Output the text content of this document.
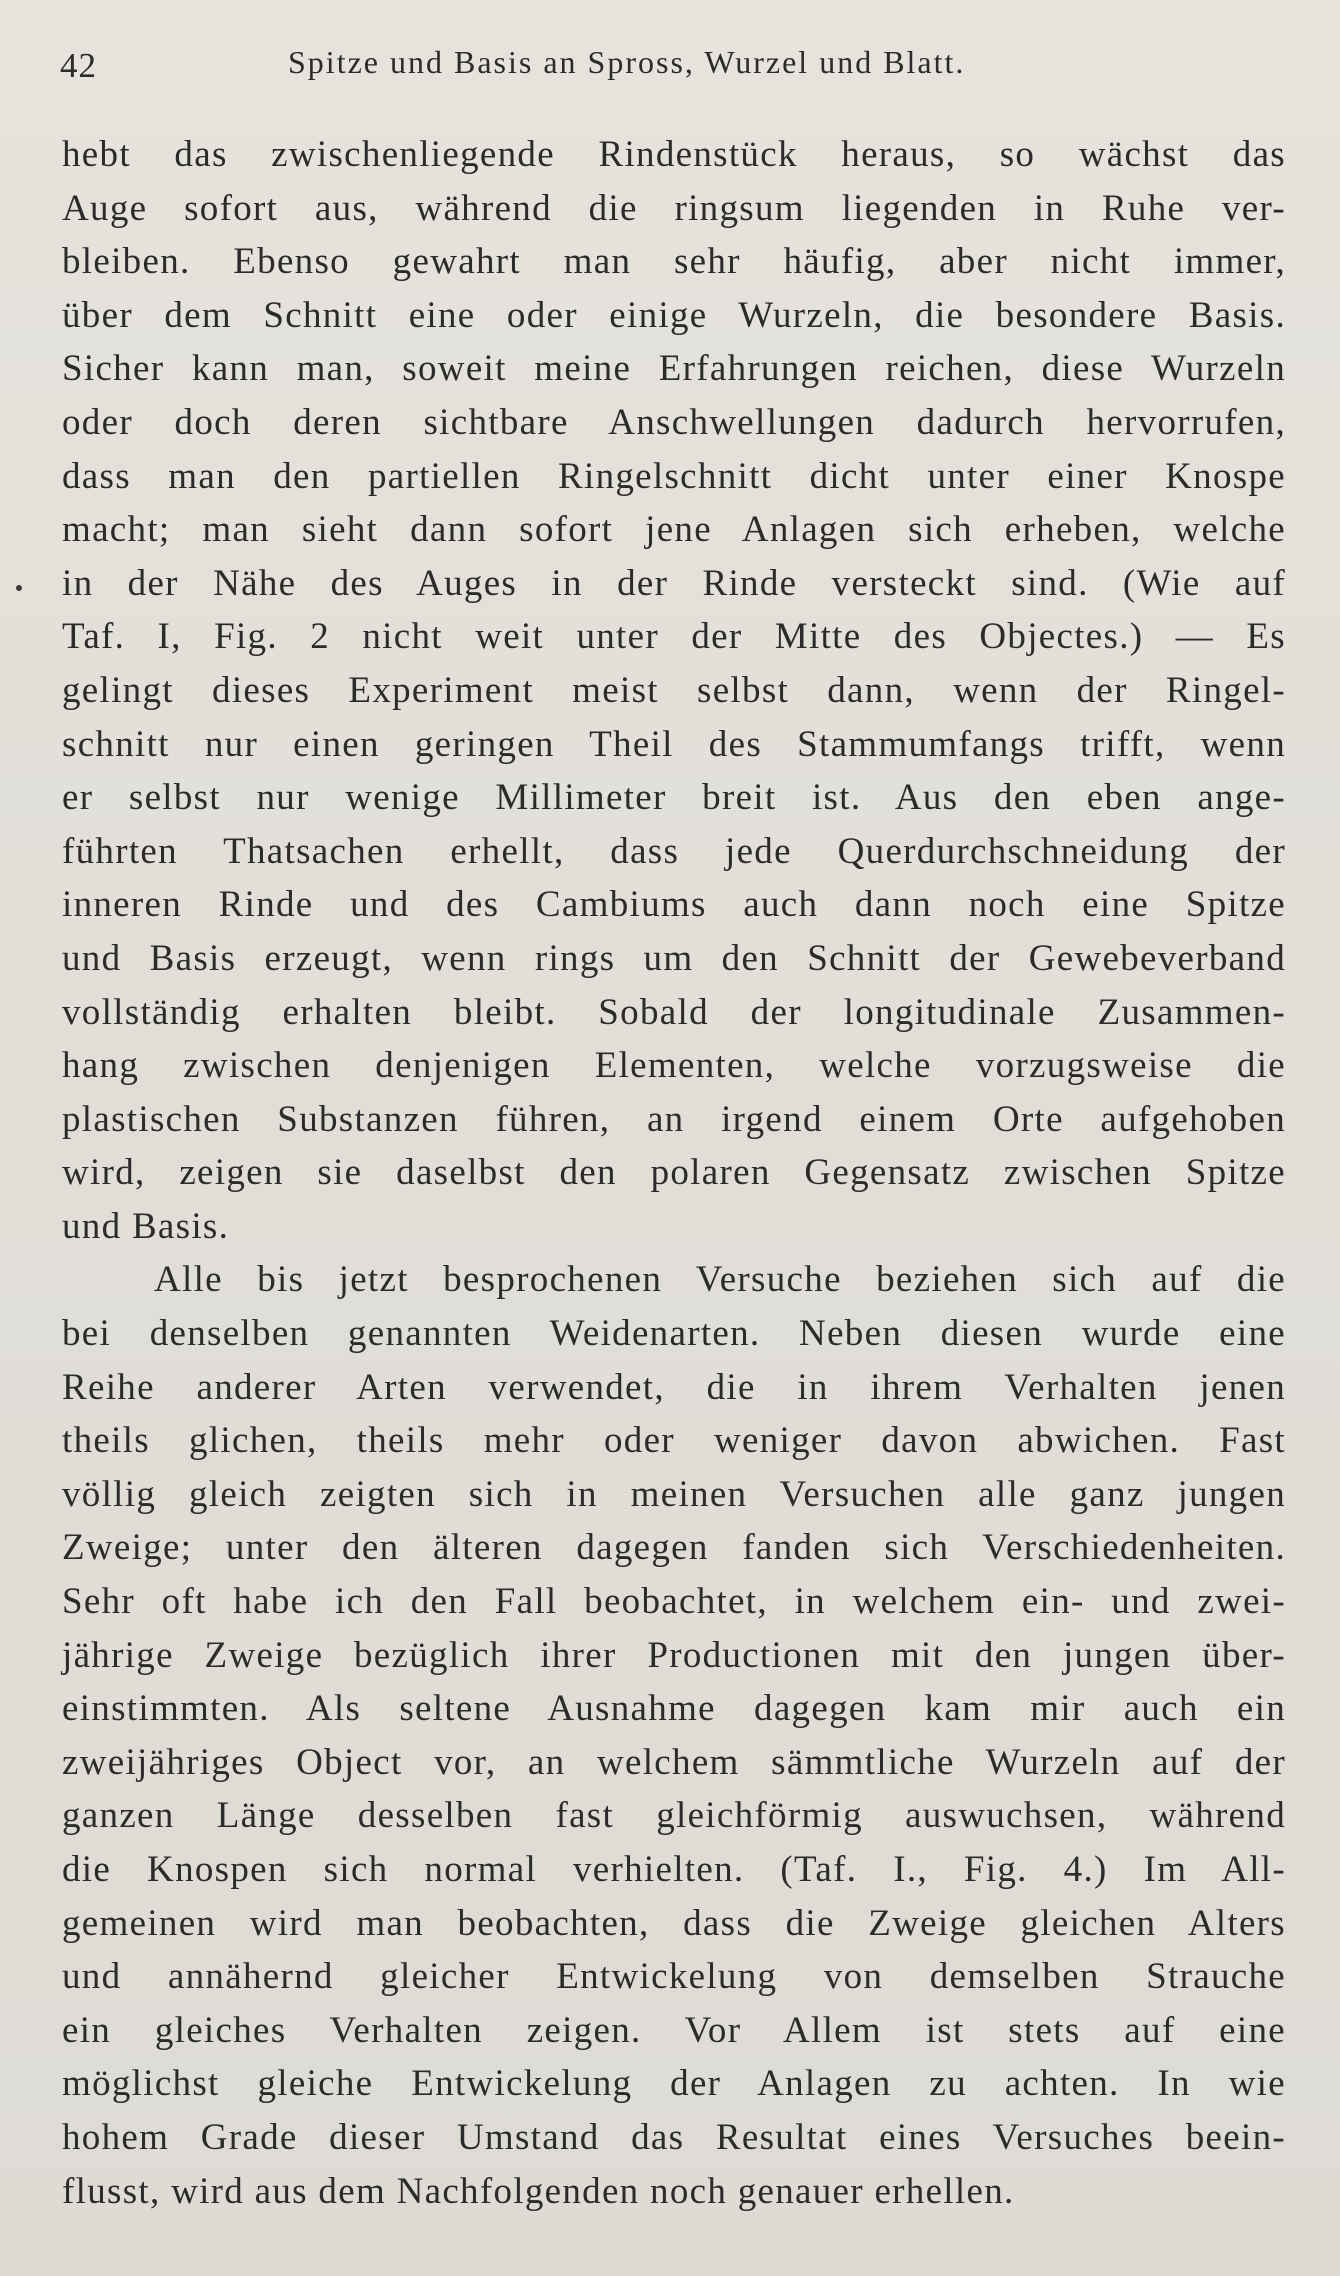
42	Spitze und Basis an Spross, Wurzel und Blatt.
hebt das zwischenliegende Rindenstück heraus, so wächst das
Auge sofort aus, während die ringsum liegenden in Ruhe ver-
bleiben. Ebenso gewahrt man sehr häufig, aber nicht immer,
über dem Schnitt eine oder einige Wurzeln, die besondere Basis.
Sicher kann man, soweit meine Erfahrungen reichen, diese Wurzeln
oder doch deren sichtbare Anschwellungen dadurch hervorrufen,
dass man den partiellen Ringelschnitt dicht unter einer Knospe
macht; man sieht dann sofort jene Anlagen sich erheben, welche
in der Nähe des Auges in der Rinde versteckt sind. (Wie auf
Taf. I, Fig. 2 nicht weit unter der Mitte des Objectes.) — Es
gelingt dieses Experiment meist selbst dann, wenn der Ringel-
schnitt nur einen geringen Theil des Stammumfangs trifft, wenn
er selbst nur wenige Millimeter breit ist. Aus den eben ange-
führten Thatsachen erhellt, dass jede Querdurchschneidung der
inneren Rinde und des Cambiums auch dann noch eine Spitze
und Basis erzeugt, wenn rings um den Schnitt der Gewebeverband
vollständig erhalten bleibt. Sobald der longitudinale Zusammen-
hang zwischen denjenigen Elementen, welche vorzugsweise die
plastischen Substanzen führen, an irgend einem Orte aufgehoben
wird, zeigen sie daselbst den polaren Gegensatz zwischen Spitze
und Basis.
Alle bis jetzt besprochenen Versuche beziehen sich auf die
bei denselben genannten Weidenarten. Neben diesen wurde eine
Reihe anderer Arten verwendet, die in ihrem Verhalten jenen
theils glichen, theils mehr oder weniger davon abwichen. Fast
völlig gleich zeigten sich in meinen Versuchen alle ganz jungen
Zweige; unter den älteren dagegen fanden sich Verschiedenheiten.
Sehr oft habe ich den Fall beobachtet, in welchem ein- und zwei-
jährige Zweige bezüglich ihrer Productionen mit den jungen über-
einstimmten. Als seltene Ausnahme dagegen kam mir auch ein
zweijähriges Object vor, an welchem sämmtliche Wurzeln auf der
ganzen Länge desselben fast gleichförmig auswuchsen, während
die Knospen sich normal verhielten. (Taf. I., Fig. 4.) Im All-
gemeinen wird man beobachten, dass die Zweige gleichen Alters
und annähernd gleicher Entwickelung von demselben Strauche
ein gleiches Verhalten zeigen. Vor Allem ist stets auf eine
möglichst gleiche Entwickelung der Anlagen zu achten. In wie
hohem Grade dieser Umstand das Resultat eines Versuches beein-
flusst, wird aus dem Nachfolgenden noch genauer erhellen.
